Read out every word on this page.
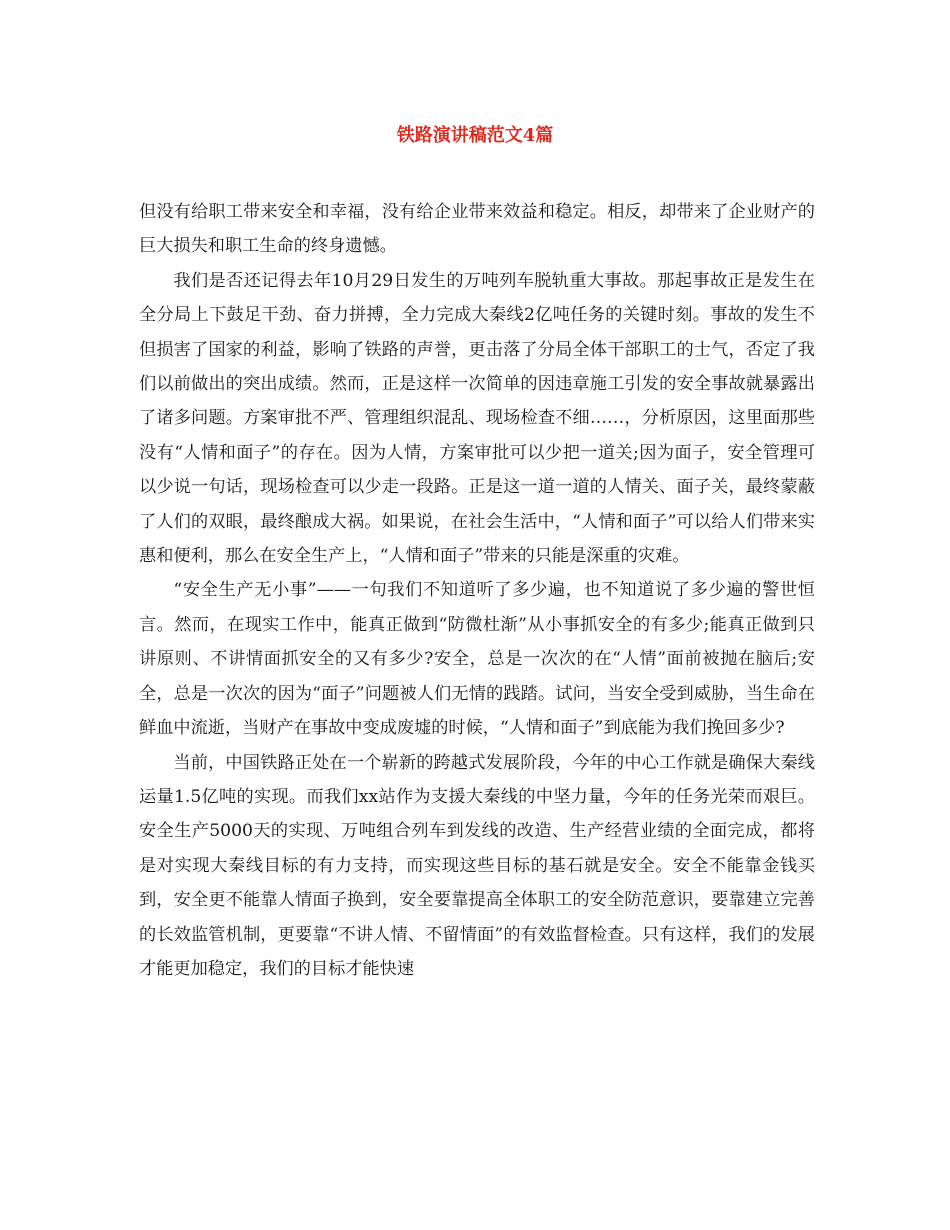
铁路演讲稿范文4篇

但没有给职工带来安全和幸福，没有给企业带来效益和稳定。相反，却带来了企业财产的巨大损失和职工生命的终身遗憾。

我们是否还记得去年10月29日发生的万吨列车脱轨重大事故。那起事故正是发生在全分局上下鼓足干劲、奋力拼搏，全力完成大秦线2亿吨任务的关键时刻。事故的发生不但损害了国家的利益，影响了铁路的声誉，更击落了分局全体干部职工的士气，否定了我们以前做出的突出成绩。然而，正是这样一次简单的因违章施工引发的安全事故就暴露出了诸多问题。方案审批不严、管理组织混乱、现场检查不细……，分析原因，这里面那些没有“人情和面子”的存在。因为人情，方案审批可以少把一道关;因为面子，安全管理可以少说一句话，现场检查可以少走一段路。正是这一道一道的人情关、面子关，最终蒙蔽了人们的双眼，最终酿成大祸。如果说，在社会生活中，“人情和面子”可以给人们带来实惠和便利，那么在安全生产上，“人情和面子”带来的只能是深重的灾难。

“安全生产无小事”——一句我们不知道听了多少遍，也不知道说了多少遍的警世恒言。然而，在现实工作中，能真正做到“防微杜渐”从小事抓安全的有多少;能真正做到只讲原则、不讲情面抓安全的又有多少?安全，总是一次次的在“人情”面前被抛在脑后;安全，总是一次次的因为“面子”问题被人们无情的践踏。试问，当安全受到威胁，当生命在鲜血中流逝，当财产在事故中变成废墟的时候，“人情和面子”到底能为我们挽回多少?

当前，中国铁路正处在一个崭新的跨越式发展阶段，今年的中心工作就是确保大秦线运量1.5亿吨的实现。而我们xx站作为支援大秦线的中坚力量，今年的任务光荣而艰巨。安全生产5000天的实现、万吨组合列车到发线的改造、生产经营业绩的全面完成，都将是对实现大秦线目标的有力支持，而实现这些目标的基石就是安全。安全不能靠金钱买到，安全更不能靠人情面子换到，安全要靠提高全体职工的安全防范意识，要靠建立完善的长效监管机制，更要靠“不讲人情、不留情面”的有效监督检查。只有这样，我们的发展才能更加稳定，我们的目标才能快速
